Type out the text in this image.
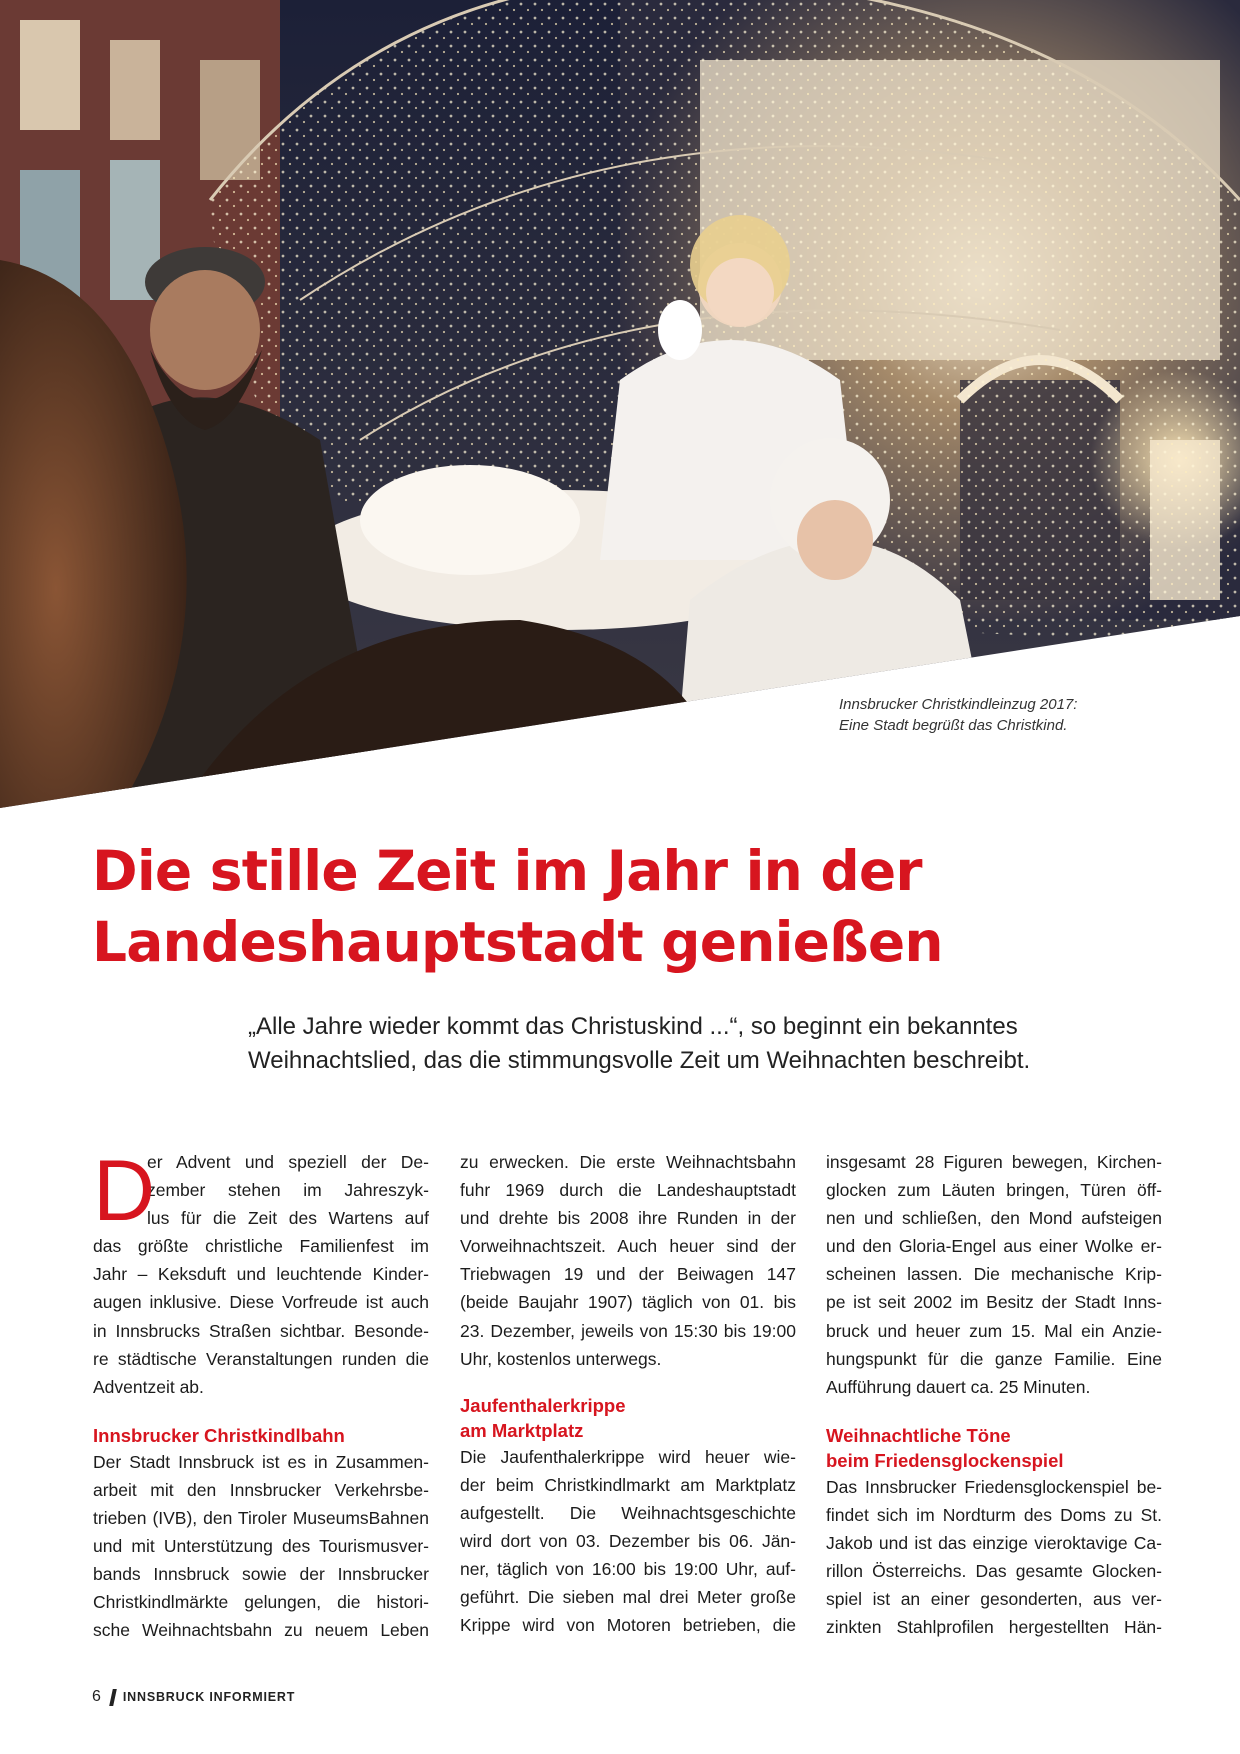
Innsbrucker Christkindleinzug 2017:
Eine Stadt begrüßt das Christkind.
Die stille Zeit im Jahr in der
Landeshauptstadt genießen

„Alle Jahre wieder kommt das Christuskind ...“, so beginnt ein bekanntes
Weihnachtslied, das die stimmungsvolle Zeit um Weihnachten beschreibt.

D
er Advent und speziell der De-
zember stehen im Jahreszyk-
lus für die Zeit des Wartens auf
das größte christliche Familienfest im
Jahr – Keksduft und leuchtende Kinder-
augen inklusive. Diese Vorfreude ist auch
in Innsbrucks Straßen sichtbar. Besonde-
re städtische Veranstaltungen runden die
Adventzeit ab.
Innsbrucker Christkindlbahn
Der Stadt Innsbruck ist es in Zusammen-
arbeit mit den Innsbrucker Verkehrsbe-
trieben (IVB), den Tiroler MuseumsBahnen
und mit Unterstützung des Tourismusver-
bands Innsbruck sowie der Innsbrucker
Christkindlmärkte gelungen, die histori-
sche Weihnachtsbahn zu neuem Leben
zu erwecken. Die erste Weihnachtsbahn
fuhr 1969 durch die Landeshauptstadt
und drehte bis 2008 ihre Runden in der
Vorweihnachtszeit. Auch heuer sind der
Triebwagen 19 und der Beiwagen 147
(beide Baujahr 1907) täglich von 01. bis
23. Dezember, jeweils von 15:30 bis 19:00
Uhr, kostenlos unterwegs.
Jaufenthalerkrippe
am Marktplatz
Die Jaufenthalerkrippe wird heuer wie-
der beim Christkindlmarkt am Marktplatz
aufgestellt. Die Weihnachtsgeschichte
wird dort von 03. Dezember bis 06. Jän-
ner, täglich von 16:00 bis 19:00 Uhr, auf-
geführt. Die sieben mal drei Meter große
Krippe wird von Motoren betrieben, die
insgesamt 28 Figuren bewegen, Kirchen-
glocken zum Läuten bringen, Türen öff-
nen und schließen, den Mond aufsteigen
und den Gloria-Engel aus einer Wolke er-
scheinen lassen. Die mechanische Krip-
pe ist seit 2002 im Besitz der Stadt Inns-
bruck und heuer zum 15. Mal ein Anzie-
hungspunkt für die ganze Familie. Eine
Aufführung dauert ca. 25 Minuten.
Weihnachtliche Töne
beim Friedensglockenspiel
Das Innsbrucker Friedensglockenspiel be-
findet sich im Nordturm des Doms zu St.
Jakob und ist das einzige vieroktavige Ca-
rillon Österreichs. Das gesamte Glocken-
spiel ist an einer gesonderten, aus ver-
zinkten Stahlprofilen hergestellten Hän-
6 INNSBRUCK INFORMIERT
